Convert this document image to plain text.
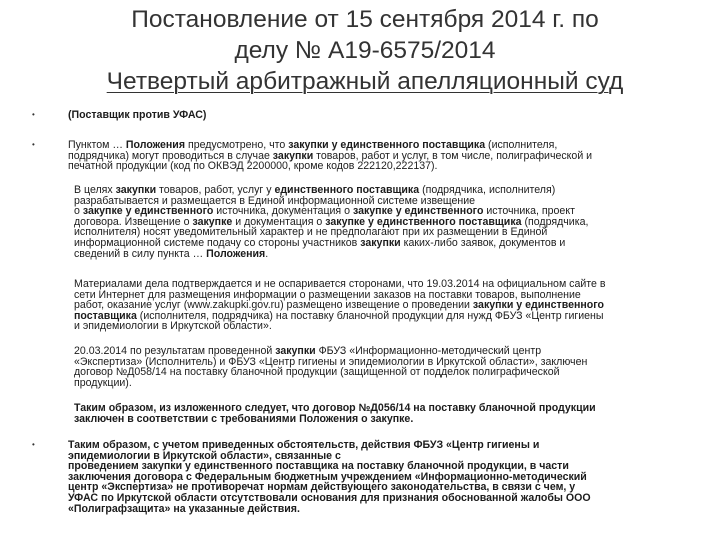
Постановление от 15 сентября 2014 г. по
делу № А19-6575/2014
Четвертый арбитражный апелляционный суд
•	(Поставщик против УФАС)
•	Пунктом … Положения предусмотрено, что закупки у единственного поставщика (исполнителя,
подрядчика) могут проводиться в случае закупки товаров, работ и услуг, в том числе, полиграфической и
печатной продукции (код по ОКВЭД 2200000, кроме кодов 222120,222137).
В целях закупки товаров, работ, услуг у единственного поставщика (подрядчика, исполнителя)
разрабатывается и размещается в Единой информационной системе извещение
о закупке у единственного источника, документация о закупке у единственного источника, проект
договора. Извещение о закупке и документация о закупке у единственного поставщика (подрядчика,
исполнителя) носят уведомительный характер и не предполагают при их размещении в Единой
информационной системе подачу со стороны участников закупки каких-либо заявок, документов и
сведений в силу пункта … Положения.
Материалами дела подтверждается и не оспаривается сторонами, что 19.03.2014 на официальном сайте в
сети Интернет для размещения информации о размещении заказов на поставки товаров, выполнение
работ, оказание услуг (www.zakupki.gov.ru) размещено извещение о проведении закупки у единственного
поставщика (исполнителя, подрядчика) на поставку бланочной продукции для нужд ФБУЗ «Центр гигиены
и эпидемиологии в Иркутской области».
20.03.2014 по результатам проведенной закупки ФБУЗ «Информационно-методический центр
«Экспертиза» (Исполнитель) и ФБУЗ «Центр гигиены и эпидемиологии в Иркутской области», заключен
договор №Д058/14 на поставку бланочной продукции (защищенной от подделок полиграфической
продукции).
Таким образом, из изложенного следует, что договор №Д056/14 на поставку бланочной продукции
заключен в соответствии с требованиями Положения о закупке.
•	Таким образом, с учетом приведенных обстоятельств, действия ФБУЗ «Центр гигиены и
эпидемиологии в Иркутской области», связанные с
проведением закупки у единственного поставщика на поставку бланочной продукции, в части
заключения договора с Федеральным бюджетным учреждением «Информационно-методический
центр «Экспертиза» не противоречат нормам действующего законодательства, в связи с чем, у
УФАС по Иркутской области отсутствовали основания для признания обоснованной жалобы ООО
«Полиграфзащита» на указанные действия.
